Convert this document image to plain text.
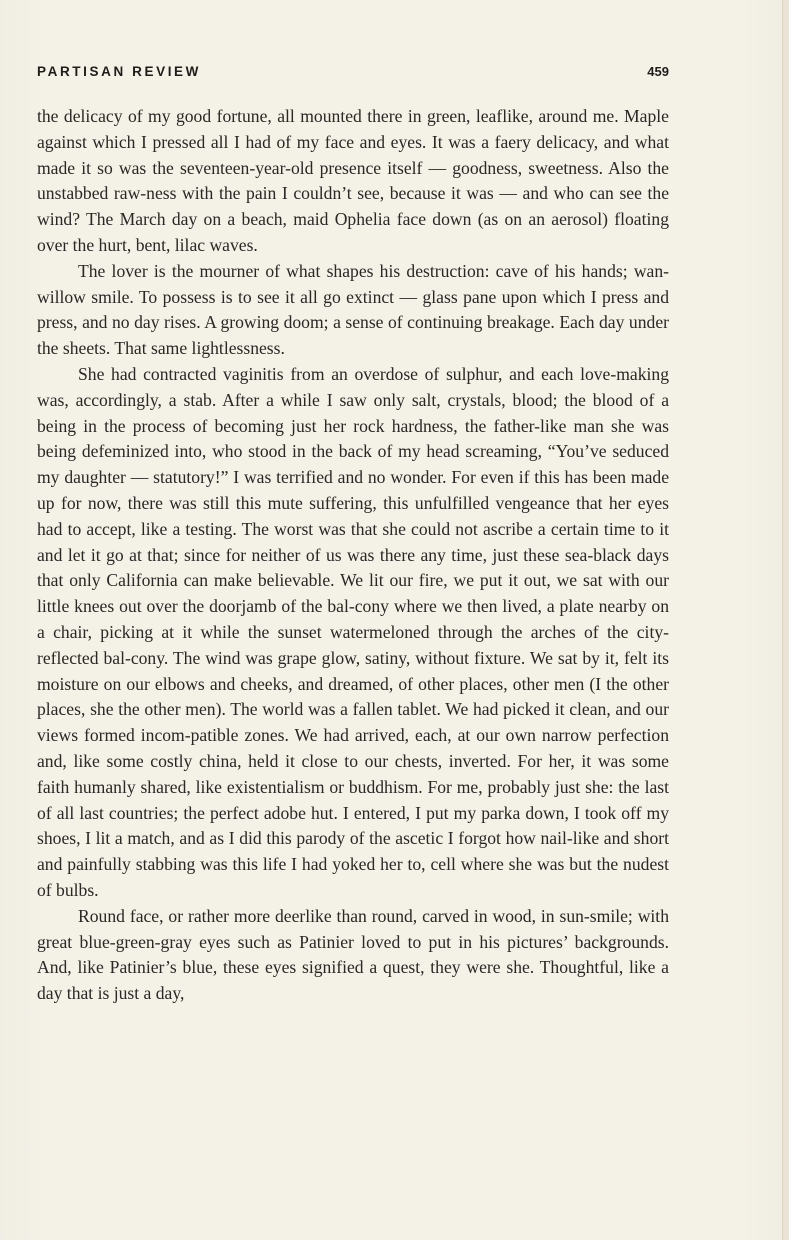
PARTISAN REVIEW	459

the delicacy of my good fortune, all mounted there in green, leaflike, around me. Maple against which I pressed all I had of my face and eyes. It was a faery delicacy, and what made it so was the seventeen-year-old presence itself — goodness, sweetness. Also the unstabbed raw-ness with the pain I couldn’t see, because it was — and who can see the wind? The March day on a beach, maid Ophelia face down (as on an aerosol) floating over the hurt, bent, lilac waves.

The lover is the mourner of what shapes his destruction: cave of his hands; wan-willow smile. To possess is to see it all go extinct — glass pane upon which I press and press, and no day rises. A growing doom; a sense of continuing breakage. Each day under the sheets. That same lightlessness.

She had contracted vaginitis from an overdose of sulphur, and each love-making was, accordingly, a stab. After a while I saw only salt, crystals, blood; the blood of a being in the process of becoming just her rock hardness, the father-like man she was being defeminized into, who stood in the back of my head screaming, “You’ve seduced my daughter — statutory!” I was terrified and no wonder. For even if this has been made up for now, there was still this mute suffering, this unfulfilled vengeance that her eyes had to accept, like a testing. The worst was that she could not ascribe a certain time to it and let it go at that; since for neither of us was there any time, just these sea-black days that only California can make believable. We lit our fire, we put it out, we sat with our little knees out over the doorjamb of the bal-cony where we then lived, a plate nearby on a chair, picking at it while the sunset watermeloned through the arches of the city-reflected bal-cony. The wind was grape glow, satiny, without fixture. We sat by it, felt its moisture on our elbows and cheeks, and dreamed, of other places, other men (I the other places, she the other men). The world was a fallen tablet. We had picked it clean, and our views formed incom-patible zones. We had arrived, each, at our own narrow perfection and, like some costly china, held it close to our chests, inverted. For her, it was some faith humanly shared, like existentialism or buddhism. For me, probably just she: the last of all last countries; the perfect adobe hut. I entered, I put my parka down, I took off my shoes, I lit a match, and as I did this parody of the ascetic I forgot how nail-like and short and painfully stabbing was this life I had yoked her to, cell where she was but the nudest of bulbs.

Round face, or rather more deerlike than round, carved in wood, in sun-smile; with great blue-green-gray eyes such as Patinier loved to put in his pictures’ backgrounds. And, like Patinier’s blue, these eyes signified a quest, they were she. Thoughtful, like a day that is just a day,
